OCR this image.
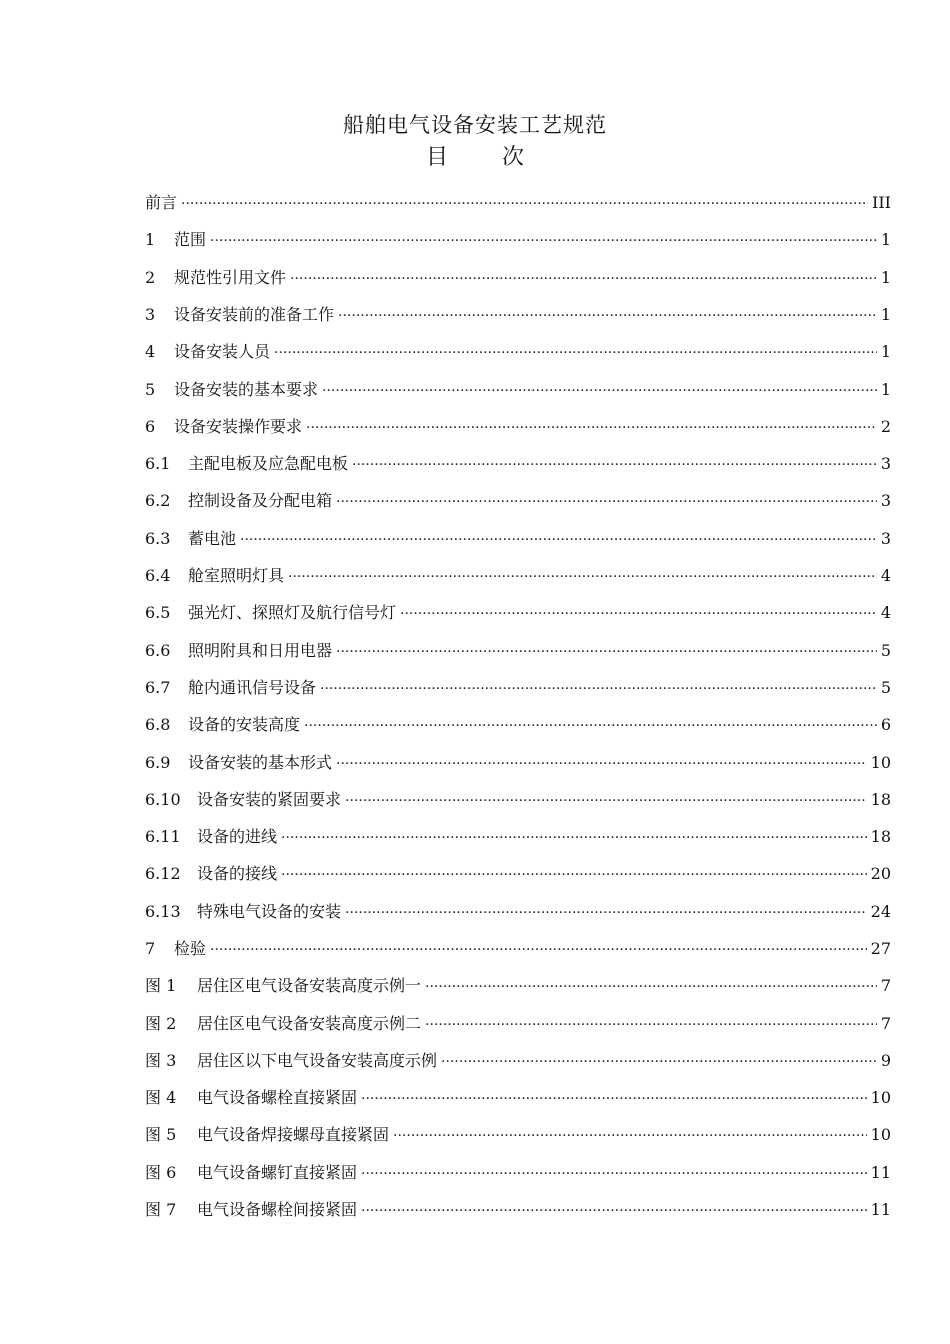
船舶电气设备安装工艺规范
目 次
前言 ·····	III
1	范围 ·····	1
2	规范性引用文件 ·····	1
3	设备安装前的准备工作 ·····	1
4	设备安装人员 ·····	1
5	设备安装的基本要求 ·····	1
6	设备安装操作要求 ·····	2
6.1	主配电板及应急配电板 ·····	3
6.2	控制设备及分配电箱 ·····	3
6.3	蓄电池 ·····	3
6.4	舱室照明灯具 ·····	4
6.5	强光灯、探照灯及航行信号灯 ·····	4
6.6	照明附具和日用电器 ·····	5
6.7	舱内通讯信号设备 ·····	5
6.8	设备的安装高度 ·····	6
6.9	设备安装的基本形式 ·····	10
6.10	设备安装的紧固要求 ·····	18
6.11	设备的进线 ·····	18
6.12	设备的接线 ·····	20
6.13	特殊电气设备的安装 ·····	24
7	检验 ·····	27
图 1	居住区电气设备安装高度示例一 ·····	7
图 2	居住区电气设备安装高度示例二 ·····	7
图 3	居住区以下电气设备安装高度示例 ·····	9
图 4	电气设备螺栓直接紧固 ·····	10
图 5	电气设备焊接螺母直接紧固 ·····	10
图 6	电气设备螺钉直接紧固 ·····	11
图 7	电气设备螺栓间接紧固 ·····	11
